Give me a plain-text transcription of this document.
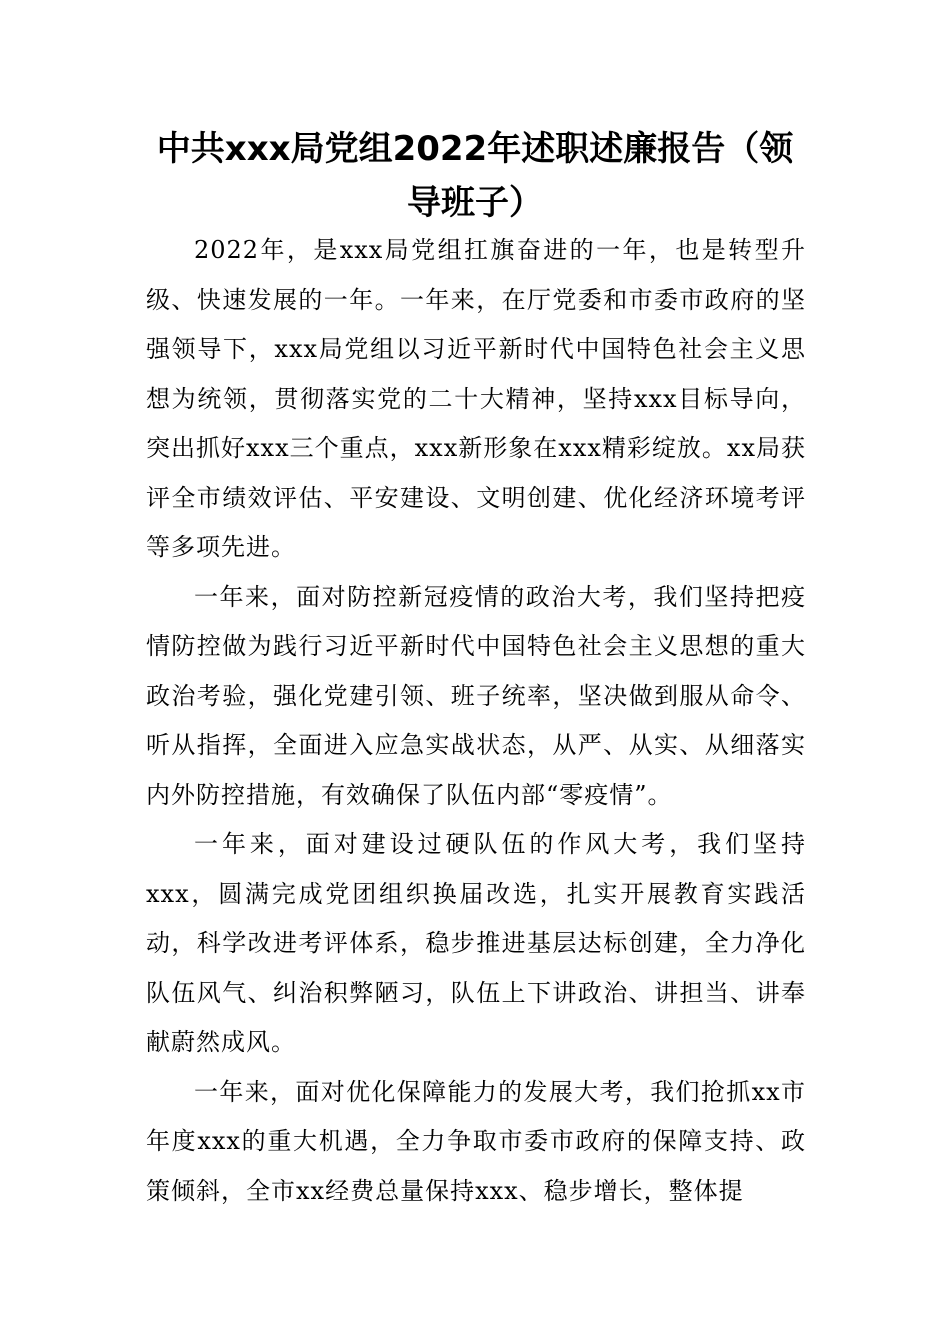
中共xxx局党组2022年述职述廉报告（领导班子）

2022年，是xxx局党组扛旗奋进的一年，也是转型升级、快速发展的一年。一年来，在厅党委和市委市政府的坚强领导下，xxx局党组以习近平新时代中国特色社会主义思想为统领，贯彻落实党的二十大精神，坚持xxx目标导向，突出抓好xxx三个重点，xxx新形象在xxx精彩绽放。xx局获评全市绩效评估、平安建设、文明创建、优化经济环境考评等多项先进。

一年来，面对防控新冠疫情的政治大考，我们坚持把疫情防控做为践行习近平新时代中国特色社会主义思想的重大政治考验，强化党建引领、班子统率，坚决做到服从命令、听从指挥，全面进入应急实战状态，从严、从实、从细落实内外防控措施，有效确保了队伍内部“零疫情”。

一年来，面对建设过硬队伍的作风大考，我们坚持xxx，圆满完成党团组织换届改选，扎实开展教育实践活动，科学改进考评体系，稳步推进基层达标创建，全力净化队伍风气、纠治积弊陋习，队伍上下讲政治、讲担当、讲奉献蔚然成风。

一年来，面对优化保障能力的发展大考，我们抢抓xx市年度xxx的重大机遇，全力争取市委市政府的保障支持、政策倾斜，全市xx经费总量保持xxx、稳步增长，整体提
